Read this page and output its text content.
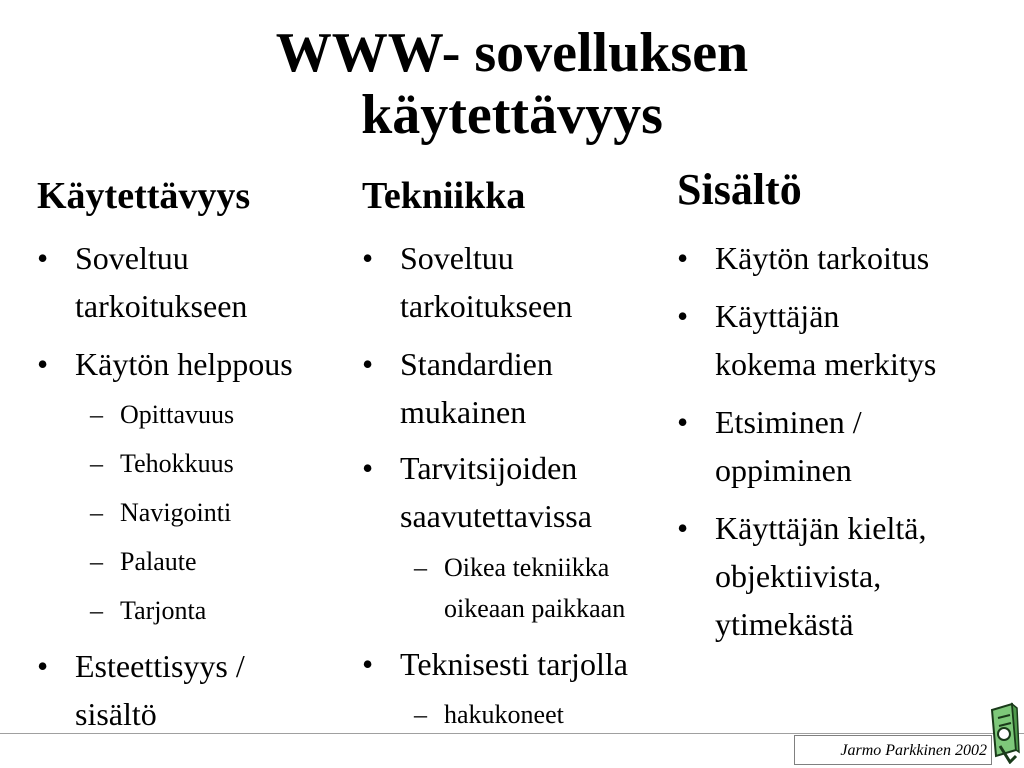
WWW- sovelluksen
käytettävyys
Käytettävyys
• Soveltuu
tarkoitukseen
• Käytön helppous
– Opittavuus
– Tehokkuus
– Navigointi
– Palaute
– Tarjonta
• Esteettisyys /
sisältö
Tekniikka
• Soveltuu
tarkoitukseen
• Standardien
mukainen
• Tarvitsijoiden
saavutettavissa
– Oikea tekniikka
oikeaan paikkaan
• Teknisesti tarjolla
– hakukoneet
Sisältö
• Käytön tarkoitus
• Käyttäjän
kokema merkitys
• Etsiminen /
oppiminen
• Käyttäjän kieltä,
objektiivista,
ytimekästä
Jarmo Parkkinen 2002
